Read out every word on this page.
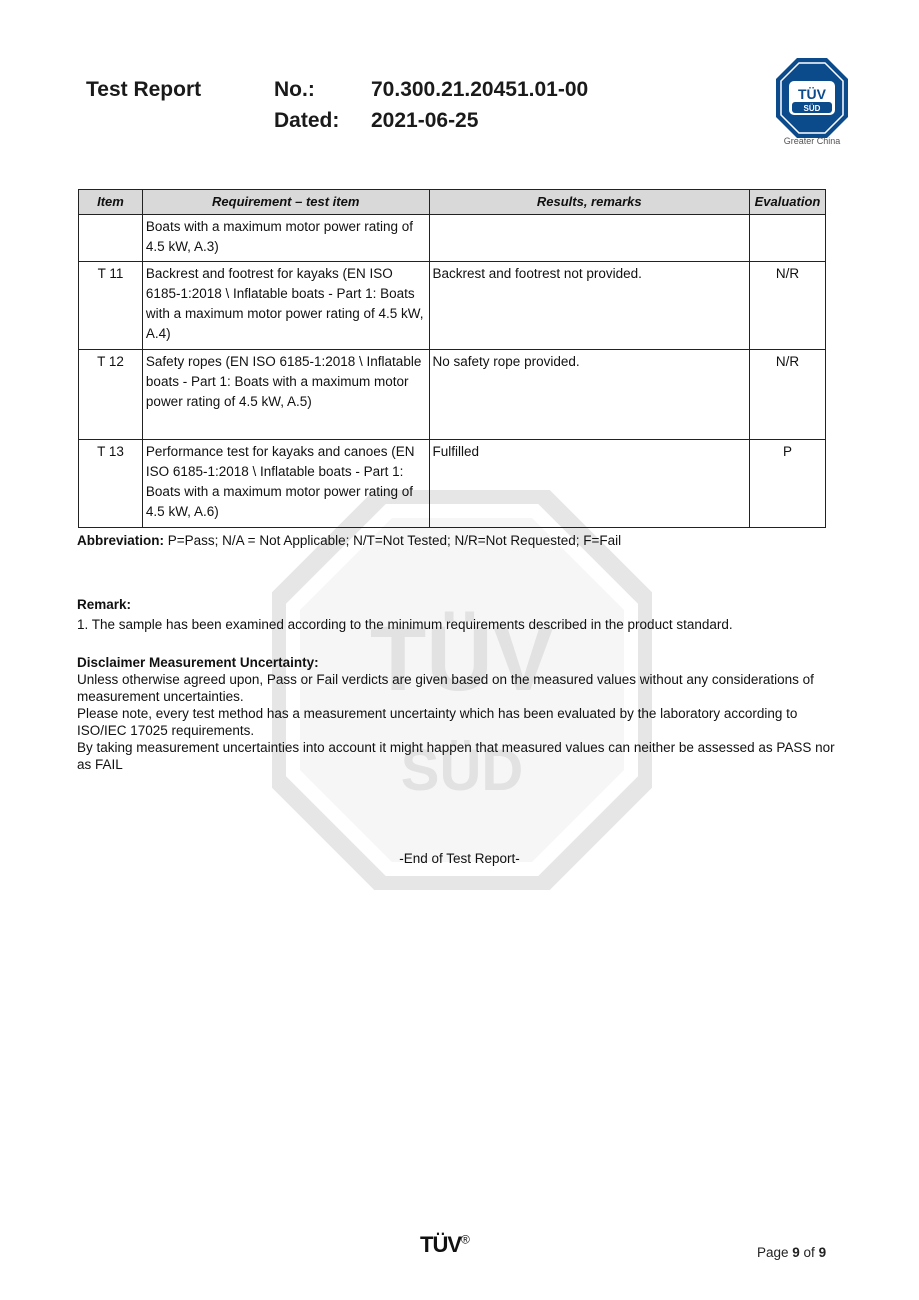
TÜV
SÜD
Test Report	No.:	70.300.21.20451.01-00
Dated: 2021-06-25
TÜV
SÜD
Greater China
Item	Requirement – test item	Results, remarks	Evaluation
	Boats with a maximum motor power rating of 4.5 kW, A.3)		
T 11	Backrest and footrest for kayaks (EN ISO 6185-1:2018 \ Inflatable boats - Part 1: Boats with a maximum motor power rating of 4.5 kW, A.4)	Backrest and footrest not provided.	N/R
T 12	Safety ropes (EN ISO 6185-1:2018 \ Inflatable boats - Part 1: Boats with a maximum motor power rating of 4.5 kW, A.5)	No safety rope provided.	N/R
T 13	Performance test for kayaks and canoes (EN ISO 6185-1:2018 \ Inflatable boats - Part 1: Boats with a maximum motor power rating of 4.5 kW, A.6)	Fulfilled	P
Abbreviation: P=Pass; N/A = Not Applicable; N/T=Not Tested; N/R=Not Requested; F=Fail
Remark:
1. The sample has been examined according to the minimum requirements described in the product standard.
Disclaimer Measurement Uncertainty:
Unless otherwise agreed upon, Pass or Fail verdicts are given based on the measured values without any considerations of measurement uncertainties.
Please note, every test method has a measurement uncertainty which has been evaluated by the laboratory according to ISO/IEC 17025 requirements.
By taking measurement uncertainties into account it might happen that measured values can neither be assessed as PASS nor as FAIL
-End of Test Report-
TÜV®
Page 9 of 9
